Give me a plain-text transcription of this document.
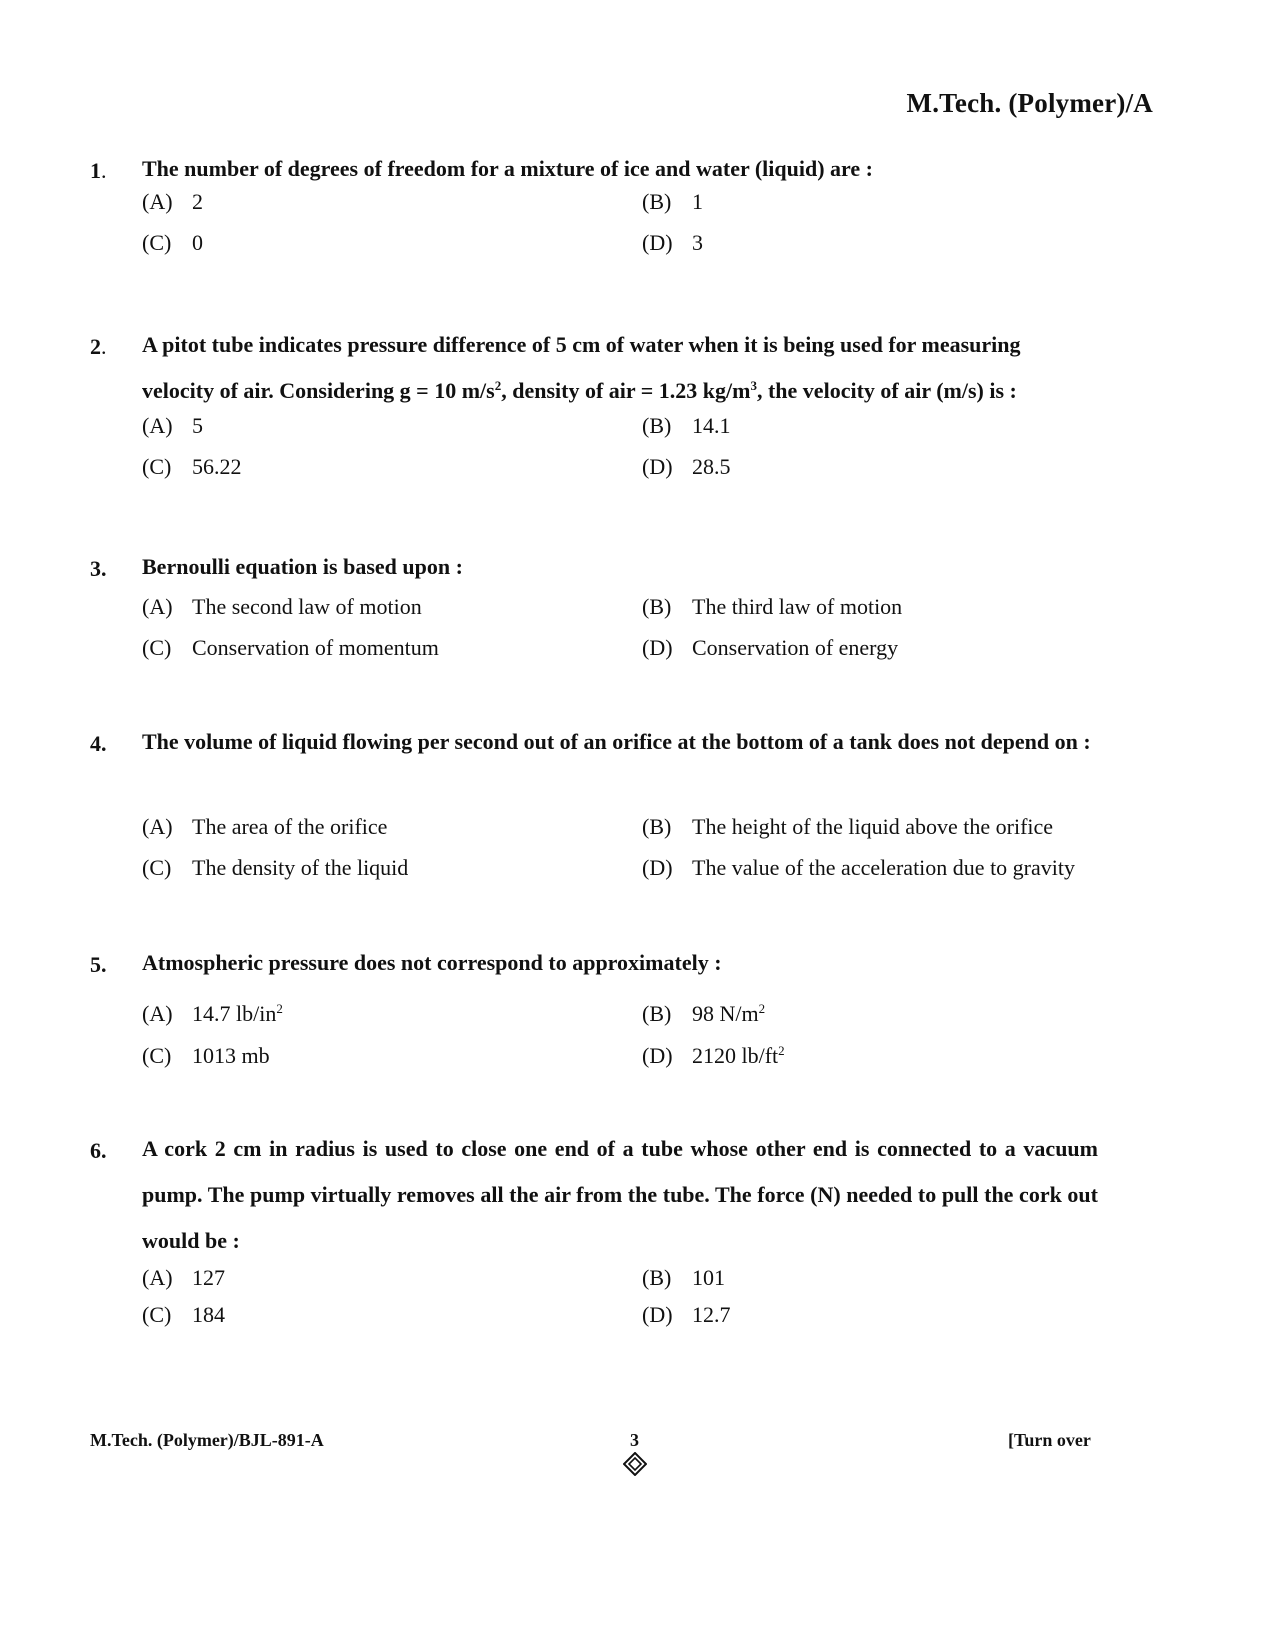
M.Tech. (Polymer)/A
1. The number of degrees of freedom for a mixture of ice and water (liquid) are :
(A) 2	(B) 1
(C) 0	(D) 3
2. A pitot tube indicates pressure difference of 5 cm of water when it is being used for measuring
velocity of air. Considering g = 10 $m/s^2$, density of air = 1.23 $kg/m^3$, the velocity of air (m/s) is :
(A) 5	(B) 14.1
(C) 56.22	(D) 28.5
3. Bernoulli equation is based upon :
(A) The second law of motion	(B) The third law of motion
(C) Conservation of momentum	(D) Conservation of energy
4. The volume of liquid flowing per second out of an orifice at the bottom of a tank does not depend on :
(A) The area of the orifice	(B) The height of the liquid above the orifice
(C) The density of the liquid	(D) The value of the acceleration due to gravity
5. Atmospheric pressure does not correspond to approximately :
(A) 14.7 $lb/in^2$	(B) 98 $N/m^2$
(C) 1013 mb	(D) 2120 $lb/ft^2$
6. A cork 2 cm in radius is used to close one end of a tube whose other end is connected to a vacuum pump. The pump virtually removes all the air from the tube. The force (N) needed to pull the cork out would be :
(A) 127	(B) 101
(C) 184	(D) 12.7
M.Tech. (Polymer)/BJL-891-A	3	[Turn over
